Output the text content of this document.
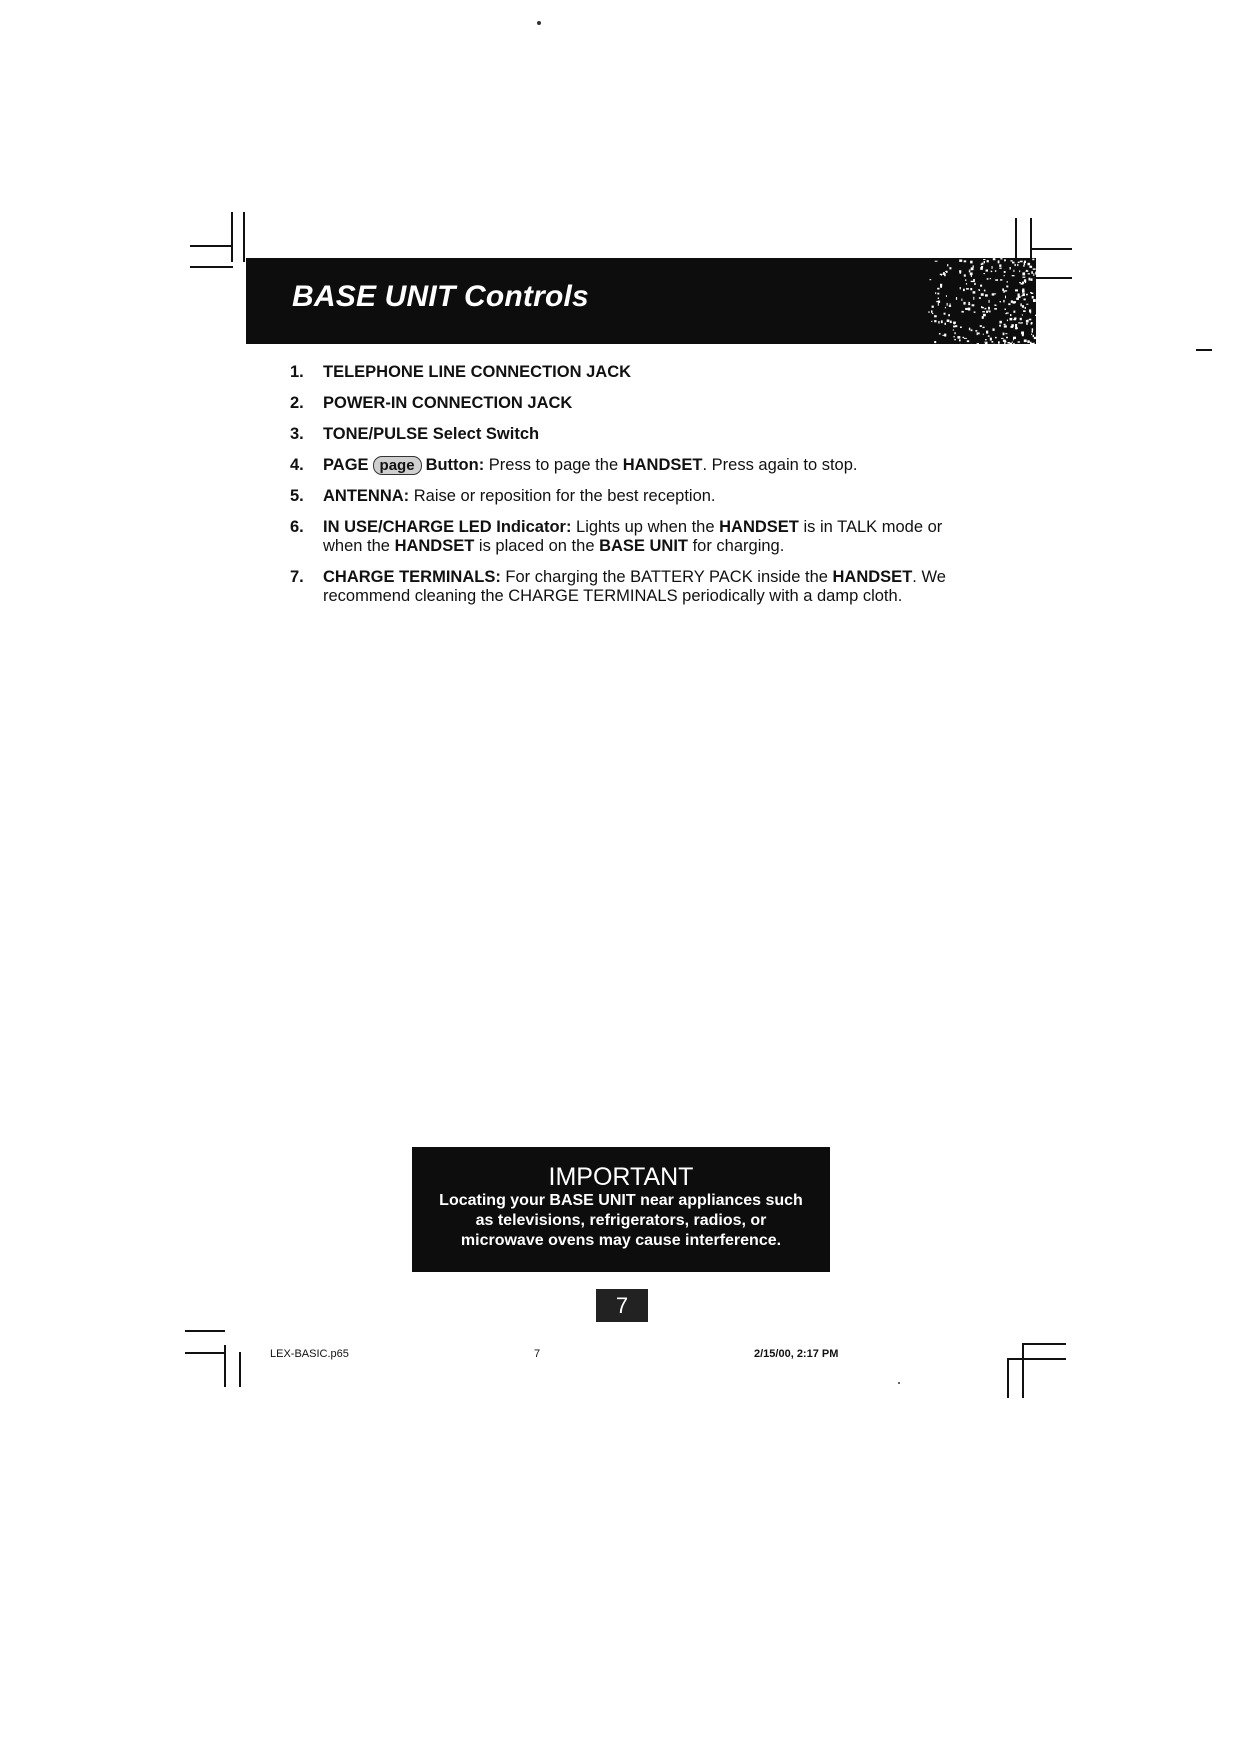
BASE UNIT Controls
1. TELEPHONE LINE CONNECTION JACK
2. POWER-IN CONNECTION JACK
3. TONE/PULSE Select Switch
4. PAGE page Button: Press to page the HANDSET. Press again to stop.
5. ANTENNA: Raise or reposition for the best reception.
6. IN USE/CHARGE LED Indicator: Lights up when the HANDSET is in TALK mode or when the HANDSET is placed on the BASE UNIT for charging.
7. CHARGE TERMINALS: For charging the BATTERY PACK inside the HANDSET. We recommend cleaning the CHARGE TERMINALS periodically with a damp cloth.
IMPORTANT
Locating your BASE UNIT near appliances such
as televisions, refrigerators, radios, or
microwave ovens may cause interference.
7
LEX-BASIC.p65	7	2/15/00, 2:17 PM
